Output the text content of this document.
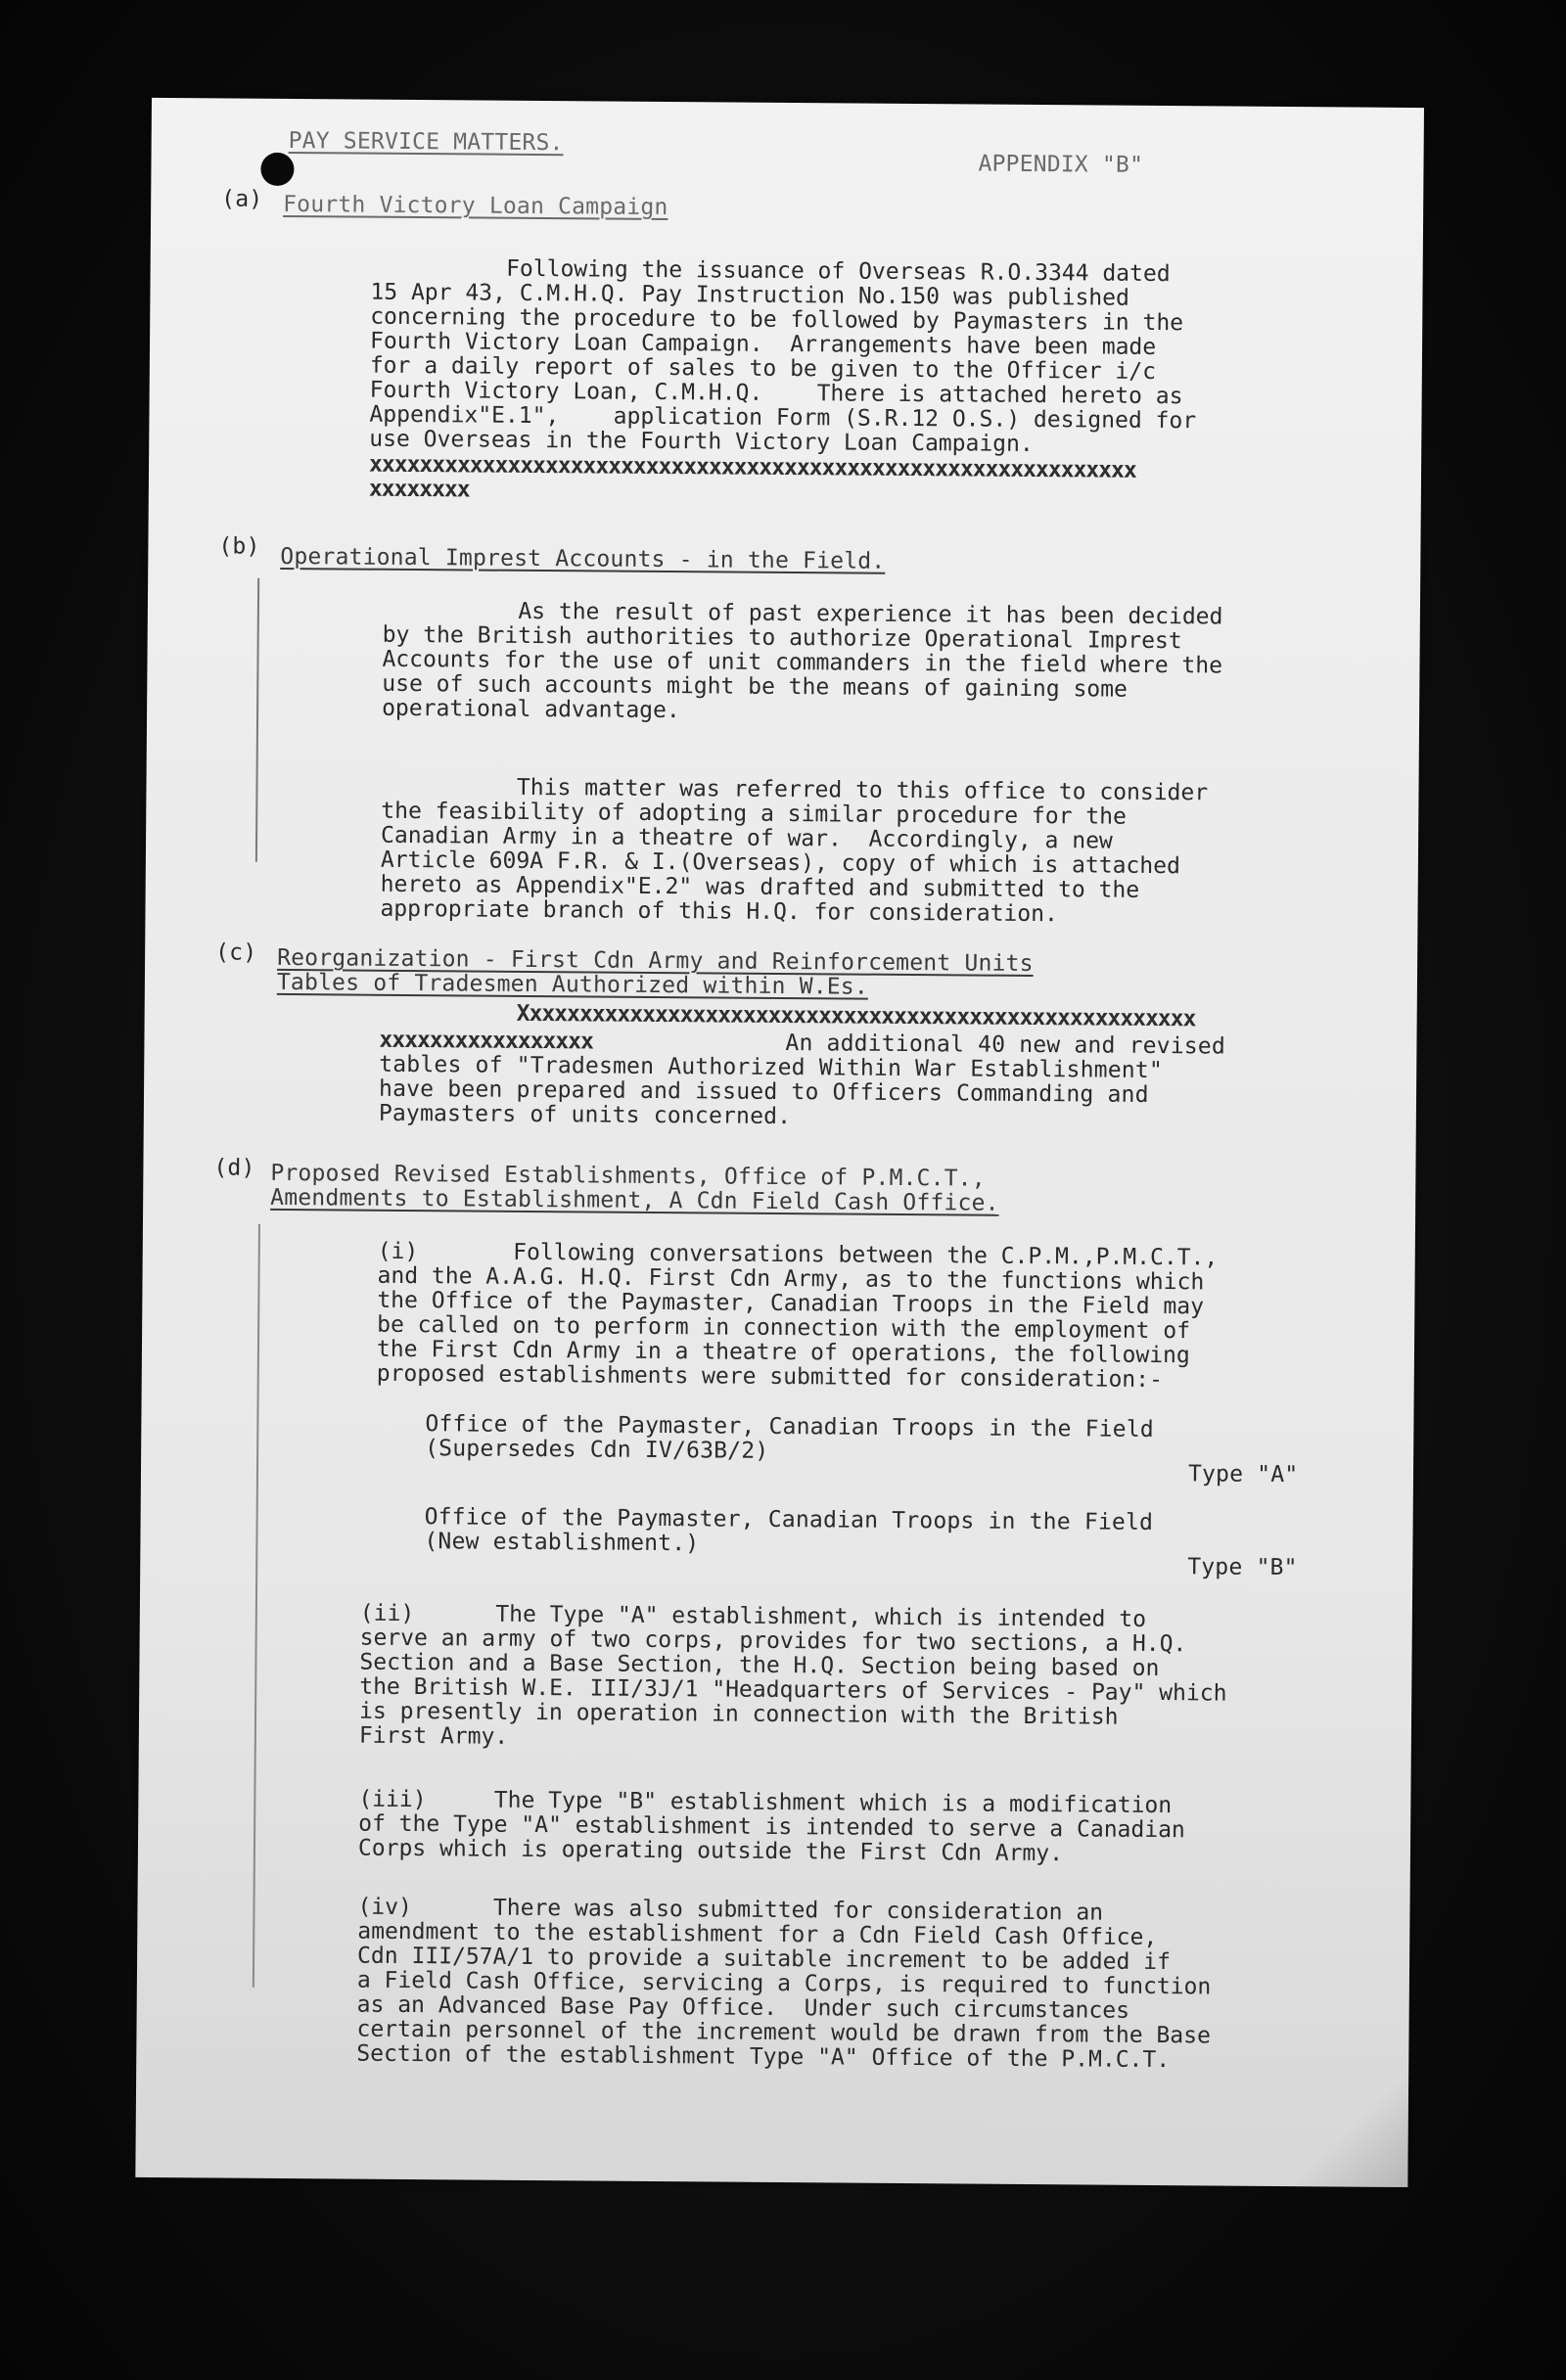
PAY SERVICE MATTERS.
APPENDIX "B"
(a) Fourth Victory Loan Campaign
Following the issuance of Overseas R.O.3344 dated
15 Apr 43, C.M.H.Q. Pay Instruction No.150 was published
concerning the procedure to be followed by Paymasters in the
Fourth Victory Loan Campaign.  Arrangements have been made
for a daily report of sales to be given to the Officer i/c
Fourth Victory Loan, C.M.H.Q.    There is attached hereto as
Appendix"E.1",    application Form (S.R.12 O.S.) designed for
use Overseas in the Fourth Victory Loan Campaign.
xxxxxxxxxxxxxxxxxxxxxxxxxxxxxxxxxxxxxxxxxxxxxxxxxxxxxxxxxxxxx
xxxxxxxx
(b) Operational Imprest Accounts - in the Field.
As the result of past experience it has been decided
by the British authorities to authorize Operational Imprest
Accounts for the use of unit commanders in the field where the
use of such accounts might be the means of gaining some
operational advantage.
This matter was referred to this office to consider
the feasibility of adopting a similar procedure for the
Canadian Army in a theatre of war.  Accordingly, a new
Article 609A F.R. & I.(Overseas), copy of which is attached
hereto as Appendix"E.2" was drafted and submitted to the
appropriate branch of this H.Q. for consideration.
(c) Reorganization - First Cdn Army and Reinforcement Units
Tables of Tradesmen Authorized within W.Es.
Xxxxxxxxxxxxxxxxxxxxxxxxxxxxxxxxxxxxxxxxxxxxxxxxxxxxxx
xxxxxxxxxxxxxxxxx	An additional 40 new and revised
tables of "Tradesmen Authorized Within War Establishment"
have been prepared and issued to Officers Commanding and
Paymasters of units concerned.
(d) Proposed Revised Establishments, Office of P.M.C.T.,
Amendments to Establishment, A Cdn Field Cash Office.
(i)       Following conversations between the C.P.M.,P.M.C.T.,
and the A.A.G. H.Q. First Cdn Army, as to the functions which
the Office of the Paymaster, Canadian Troops in the Field may
be called on to perform in connection with the employment of
the First Cdn Army in a theatre of operations, the following
proposed establishments were submitted for consideration:-
Office of the Paymaster, Canadian Troops in the Field
(Supersedes Cdn IV/63B/2)
Type "A"
Office of the Paymaster, Canadian Troops in the Field
(New establishment.)
Type "B"
(ii)      The Type "A" establishment, which is intended to
serve an army of two corps, provides for two sections, a H.Q.
Section and a Base Section, the H.Q. Section being based on
the British W.E. III/3J/1 "Headquarters of Services - Pay" which
is presently in operation in connection with the British
First Army.
(iii)     The Type "B" establishment which is a modification
of the Type "A" establishment is intended to serve a Canadian
Corps which is operating outside the First Cdn Army.
(iv)      There was also submitted for consideration an
amendment to the establishment for a Cdn Field Cash Office,
Cdn III/57A/1 to provide a suitable increment to be added if
a Field Cash Office, servicing a Corps, is required to function
as an Advanced Base Pay Office.  Under such circumstances
certain personnel of the increment would be drawn from the Base
Section of the establishment Type "A" Office of the P.M.C.T.
